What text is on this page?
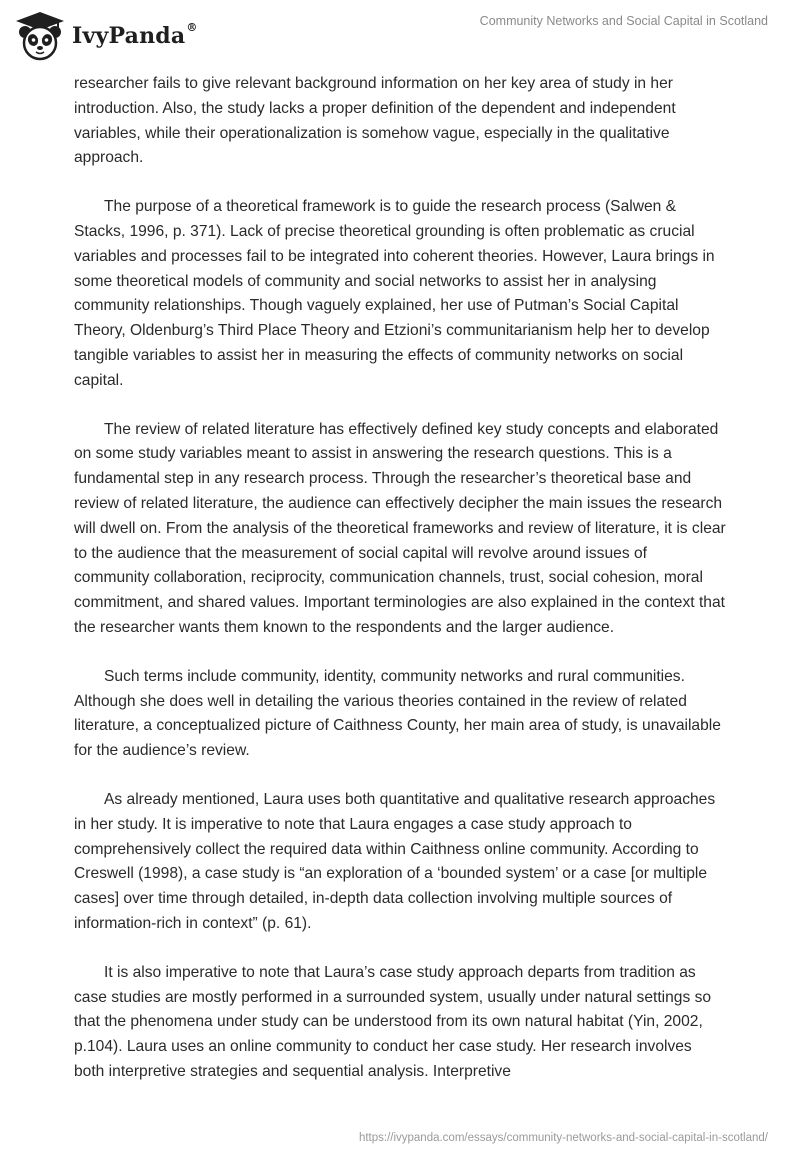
IvyPanda®	Community Networks and Social Capital in Scotland

researcher fails to give relevant background information on her key area of study in her introduction. Also, the study lacks a proper definition of the dependent and independent variables, while their operationalization is somehow vague, especially in the qualitative approach.

The purpose of a theoretical framework is to guide the research process (Salwen & Stacks, 1996, p. 371). Lack of precise theoretical grounding is often problematic as crucial variables and processes fail to be integrated into coherent theories. However, Laura brings in some theoretical models of community and social networks to assist her in analysing community relationships. Though vaguely explained, her use of Putman’s Social Capital Theory, Oldenburg’s Third Place Theory and Etzioni’s communitarianism help her to develop tangible variables to assist her in measuring the effects of community networks on social capital.

The review of related literature has effectively defined key study concepts and elaborated on some study variables meant to assist in answering the research questions. This is a fundamental step in any research process. Through the researcher’s theoretical base and review of related literature, the audience can effectively decipher the main issues the research will dwell on. From the analysis of the theoretical frameworks and review of literature, it is clear to the audience that the measurement of social capital will revolve around issues of community collaboration, reciprocity, communication channels, trust, social cohesion, moral commitment, and shared values. Important terminologies are also explained in the context that the researcher wants them known to the respondents and the larger audience.

Such terms include community, identity, community networks and rural communities. Although she does well in detailing the various theories contained in the review of related literature, a conceptualized picture of Caithness County, her main area of study, is unavailable for the audience’s review.

As already mentioned, Laura uses both quantitative and qualitative research approaches in her study. It is imperative to note that Laura engages a case study approach to comprehensively collect the required data within Caithness online community. According to Creswell (1998), a case study is “an exploration of a ‘bounded system’ or a case [or multiple cases] over time through detailed, in-depth data collection involving multiple sources of information-rich in context” (p. 61).

It is also imperative to note that Laura’s case study approach departs from tradition as case studies are mostly performed in a surrounded system, usually under natural settings so that the phenomena under study can be understood from its own natural habitat (Yin, 2002, p.104). Laura uses an online community to conduct her case study. Her research involves both interpretive strategies and sequential analysis. Interpretive

https://ivypanda.com/essays/community-networks-and-social-capital-in-scotland/
